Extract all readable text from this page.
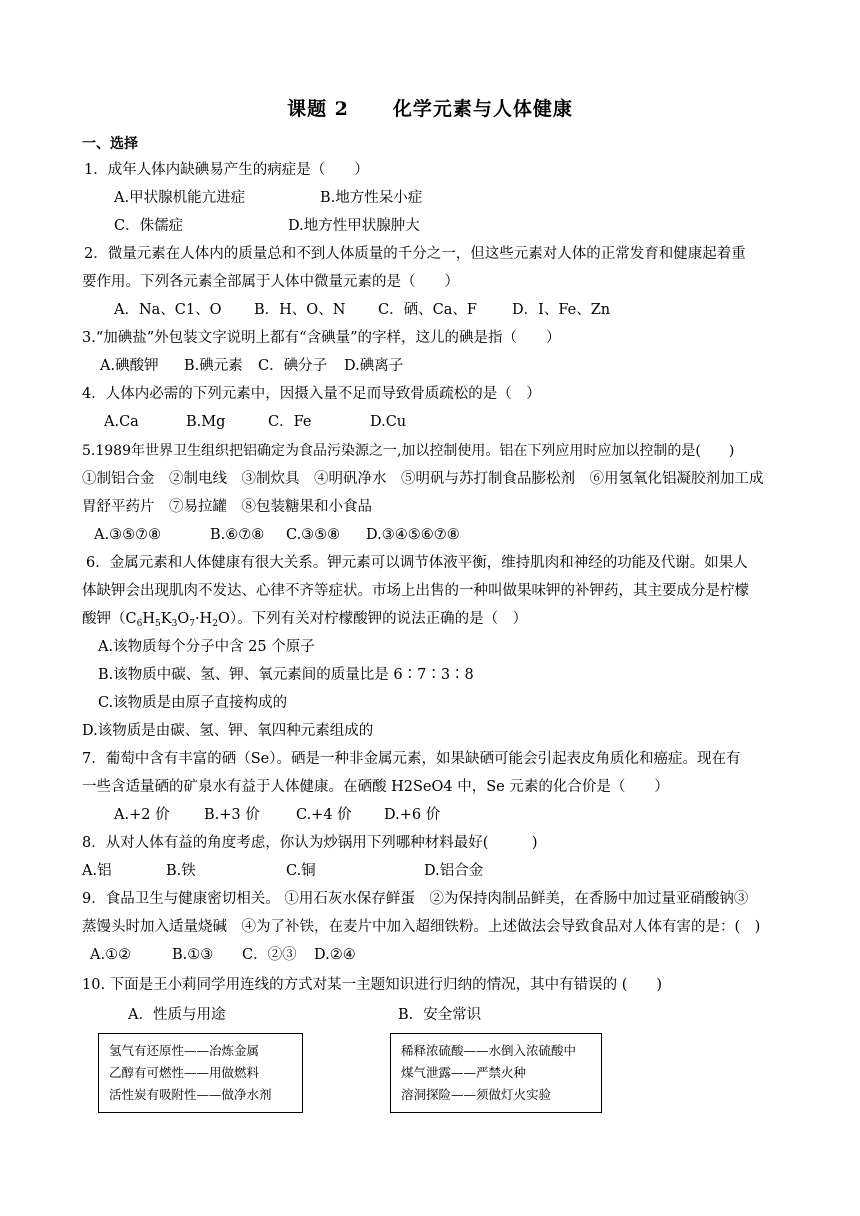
课题 2 化学元素与人体健康
一、选择
1．成年人体内缺碘易产生的病症是（　　）
A.甲状腺机能亢进症	B.地方性呆小症
C．侏儒症	D.地方性甲状腺肿大
2．微量元素在人体内的质量总和不到人体质量的千分之一，但这些元素对人体的正常发育和健康起着重
要作用。下列各元素全部属于人体中微量元素的是（　　）
A．Na、C1、O B．H、O、N C．硒、Ca、F D．I、Fe、Zn
3.“加碘盐”外包装文字说明上都有“含碘量”的字样，这儿的碘是指（　　）
A.碘酸钾 B.碘元素 C．碘分子 D.碘离子
4．人体内必需的下列元素中，因摄入量不足而导致骨质疏松的是（　）
A.Ca	B.Mg	C．Fe	D.Cu
5.1989年世界卫生组织把铝确定为食品污染源之一,加以控制使用。铝在下列应用时应加以控制的是(　　)
①制铝合金　②制电线　③制炊具　④明矾净水　⑤明矾与苏打制食品膨松剂　⑥用氢氧化铝凝胶剂加工成
胃舒平药片　⑦易拉罐　⑧包装糖果和小食品
A.③⑤⑦⑧	B.⑥⑦⑧ C.③⑤⑧ D.③④⑤⑥⑦⑧
6．金属元素和人体健康有很大关系。钾元素可以调节体液平衡，维持肌肉和神经的功能及代谢。如果人
体缺钾会出现肌肉不发达、心律不齐等症状。市场上出售的一种叫做果味钾的补钾药，其主要成分是柠檬
酸钾$(C_6H_5K_3O_7\cdot H_2O)$。下列有关对柠檬酸钾的说法正确的是（　）
A.该物质每个分子中含 25 个原子
B.该物质中碳、氢、钾、氧元素间的质量比是 6∶7∶3∶8
C.该物质是由原子直接构成的
D.该物质是由碳、氢、钾、氧四种元素组成的
7．葡萄中含有丰富的硒（Se）。硒是一种非金属元素，如果缺硒可能会引起表皮角质化和癌症。现在有
一些含适量硒的矿泉水有益于人体健康。在硒酸 H2SeO4 中，Se 元素的化合价是（　　）
A.+2 价 B.+3 价	C.+4 价 D.+6 价
8．从对人体有益的角度考虑，你认为炒锅用下列哪种材料最好(　　　)
A.铝	B.铁	C.铜	D.铝合金
9．食品卫生与健康密切相关。 ①用石灰水保存鲜蛋　②为保持肉制品鲜美，在香肠中加过量亚硝酸钠③
蒸馒头时加入适量烧碱　④为了补铁，在麦片中加入超细铁粉。上述做法会导致食品对人体有害的是：(　)
A.①②	B.①③ C．②③ D.②④
10. 下面是王小莉同学用连线的方式对某一主题知识进行归纳的情况，其中有错误的 (　　)
A．性质与用途	B．安全常识
氢气有还原性——冶炼金属
乙醇有可燃性——用做燃料
活性炭有吸附性——做净水剂
稀释浓硫酸——水倒入浓硫酸中
煤气泄露——严禁火种
溶洞探险——须做灯火实验
